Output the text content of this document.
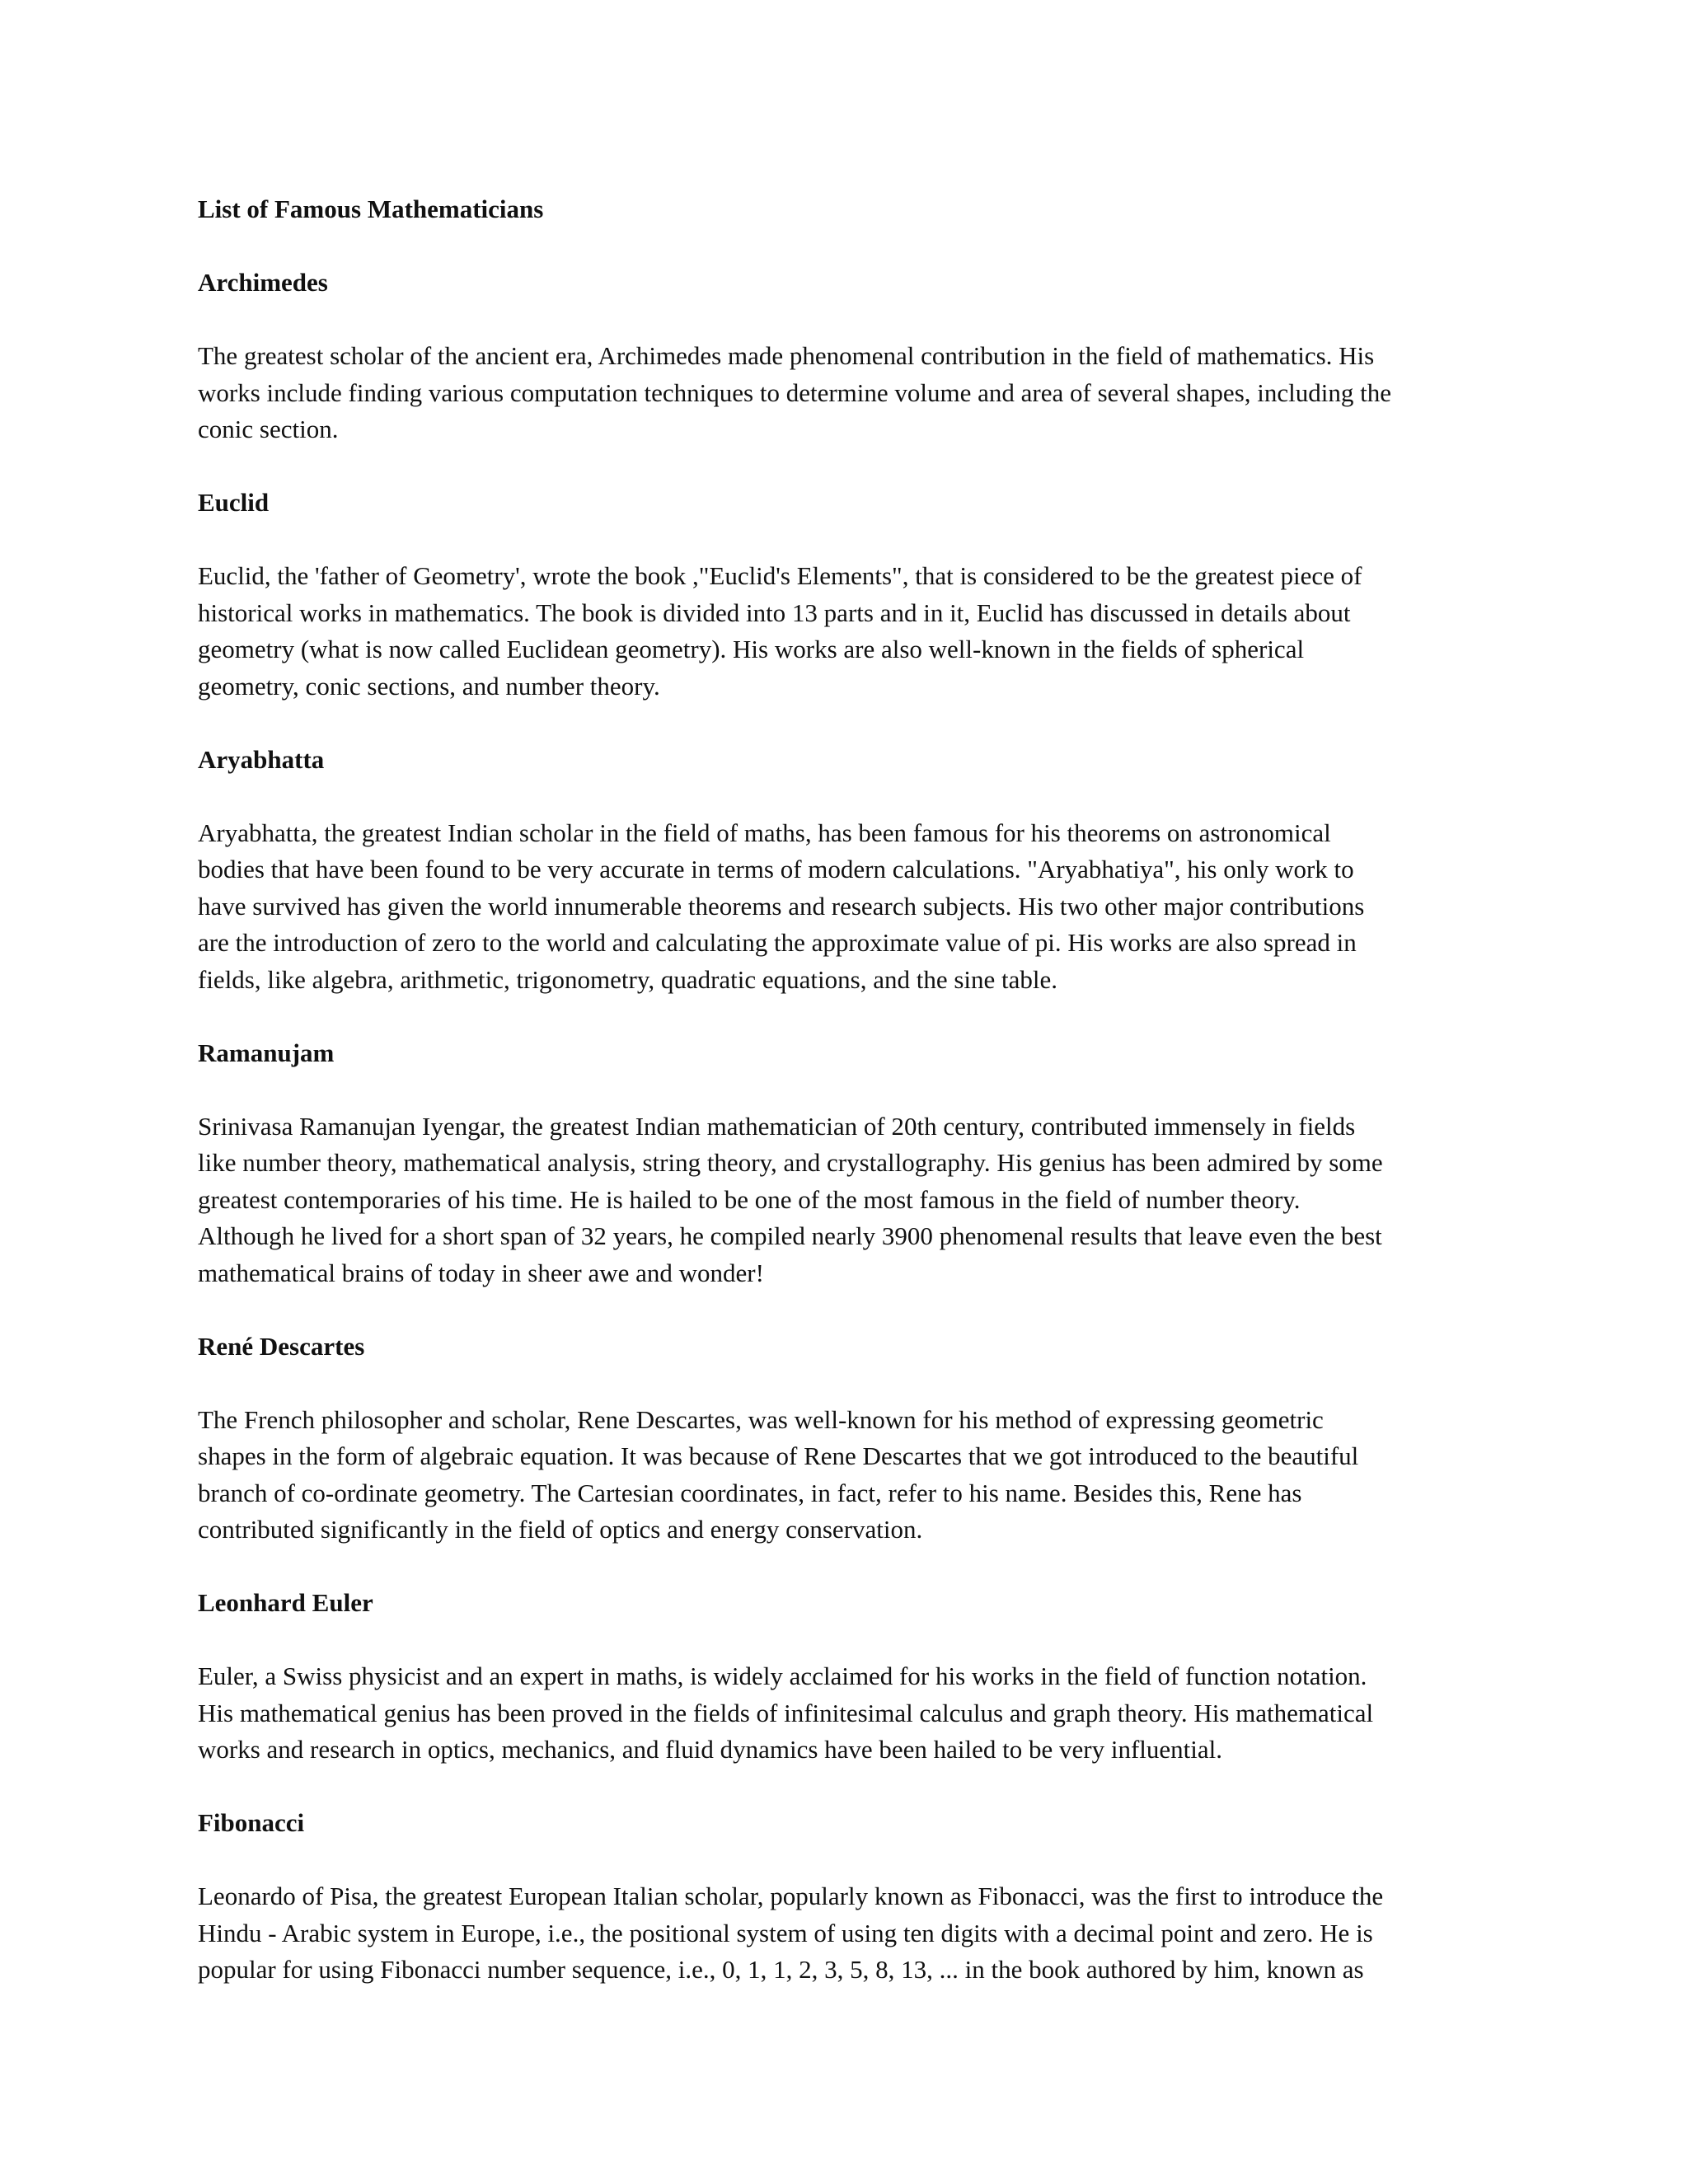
List of Famous Mathematicians
Archimedes
The greatest scholar of the ancient era, Archimedes made phenomenal contribution in the field of mathematics. His
works include finding various computation techniques to determine volume and area of several shapes, including the
conic section.
Euclid
Euclid, the 'father of Geometry', wrote the book ,"Euclid's Elements", that is considered to be the greatest piece of
historical works in mathematics. The book is divided into 13 parts and in it, Euclid has discussed in details about
geometry (what is now called Euclidean geometry). His works are also well-known in the fields of spherical
geometry, conic sections, and number theory.
Aryabhatta
Aryabhatta, the greatest Indian scholar in the field of maths, has been famous for his theorems on astronomical
bodies that have been found to be very accurate in terms of modern calculations. "Aryabhatiya", his only work to
have survived has given the world innumerable theorems and research subjects. His two other major contributions
are the introduction of zero to the world and calculating the approximate value of pi. His works are also spread in
fields, like algebra, arithmetic, trigonometry, quadratic equations, and the sine table.
Ramanujam
Srinivasa Ramanujan Iyengar, the greatest Indian mathematician of 20th century, contributed immensely in fields
like number theory, mathematical analysis, string theory, and crystallography. His genius has been admired by some
greatest contemporaries of his time. He is hailed to be one of the most famous in the field of number theory.
Although he lived for a short span of 32 years, he compiled nearly 3900 phenomenal results that leave even the best
mathematical brains of today in sheer awe and wonder!
René Descartes
The French philosopher and scholar, Rene Descartes, was well-known for his method of expressing geometric
shapes in the form of algebraic equation. It was because of Rene Descartes that we got introduced to the beautiful
branch of co-ordinate geometry. The Cartesian coordinates, in fact, refer to his name. Besides this, Rene has
contributed significantly in the field of optics and energy conservation.
Leonhard Euler
Euler, a Swiss physicist and an expert in maths, is widely acclaimed for his works in the field of function notation.
His mathematical genius has been proved in the fields of infinitesimal calculus and graph theory. His mathematical
works and research in optics, mechanics, and fluid dynamics have been hailed to be very influential.
Fibonacci
Leonardo of Pisa, the greatest European Italian scholar, popularly known as Fibonacci, was the first to introduce the
Hindu - Arabic system in Europe, i.e., the positional system of using ten digits with a decimal point and zero. He is
popular for using Fibonacci number sequence, i.e., 0, 1, 1, 2, 3, 5, 8, 13, ... in the book authored by him, known as
